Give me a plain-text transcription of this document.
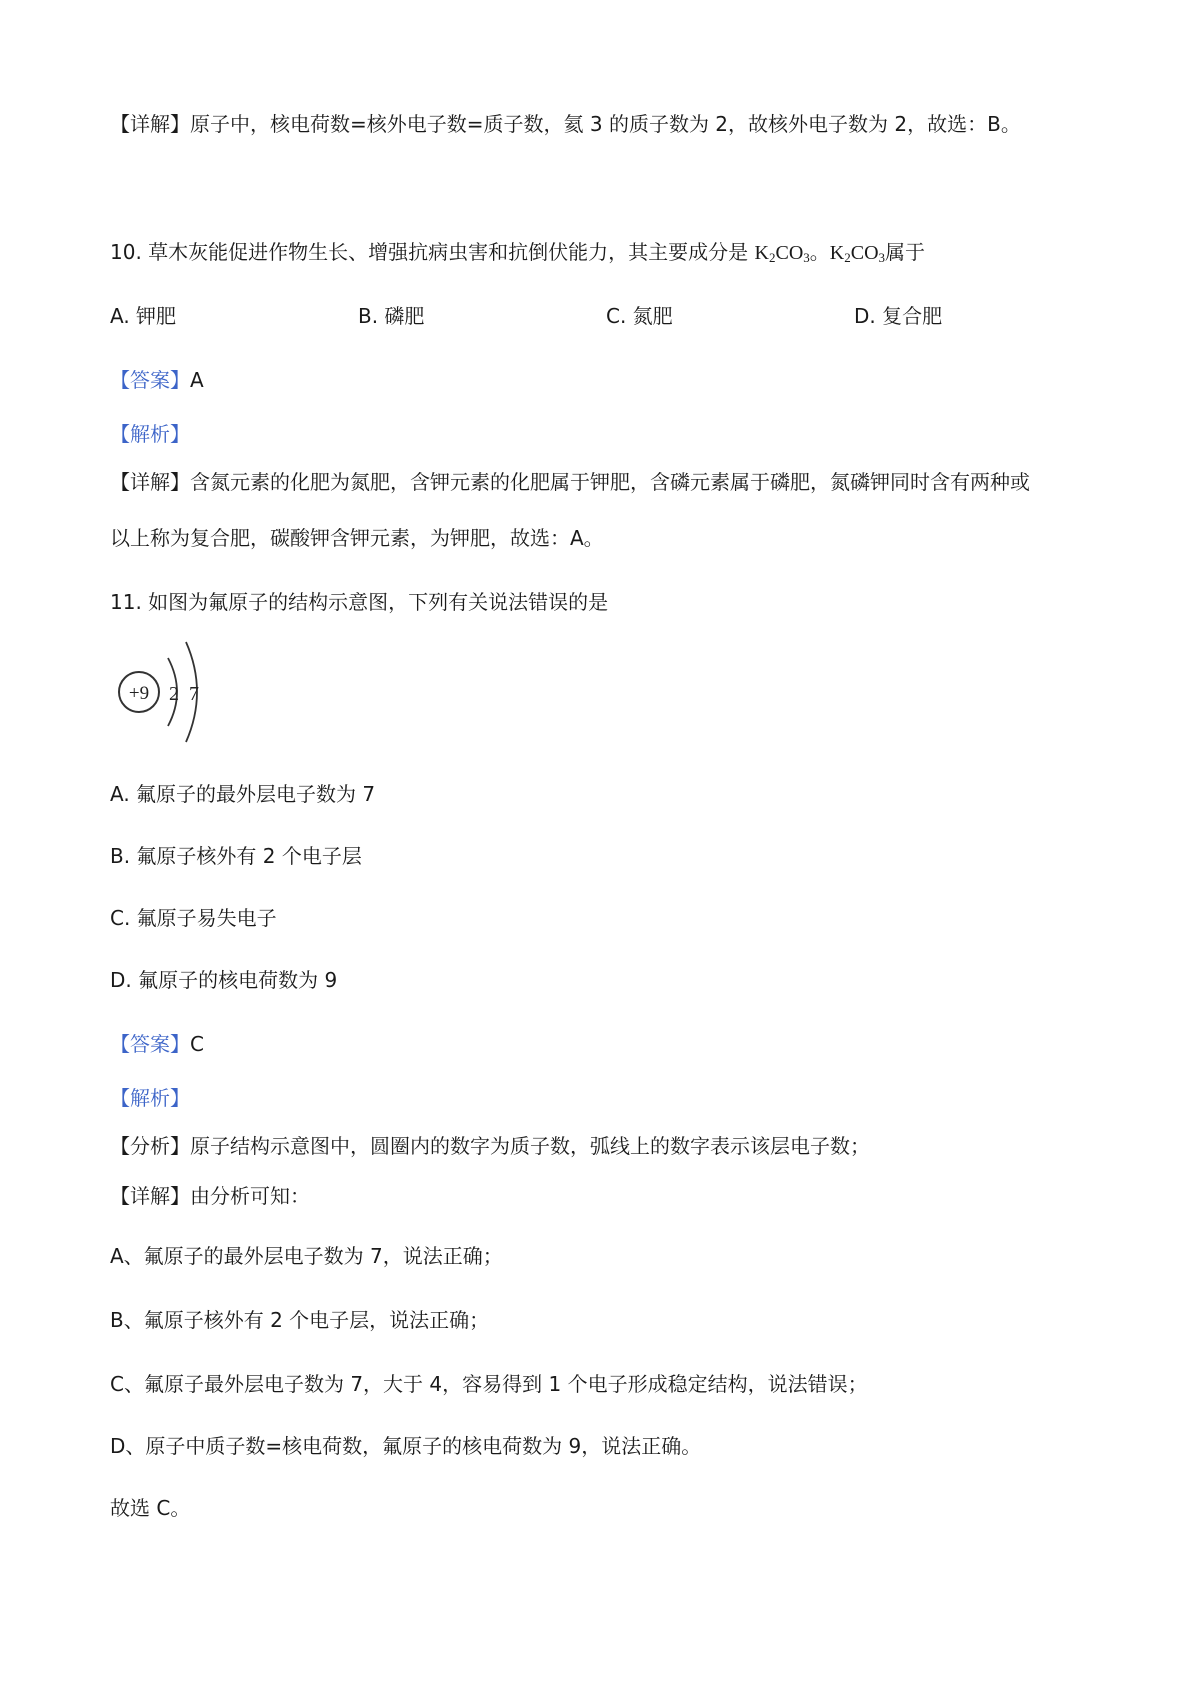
【详解】原子中，核电荷数=核外电子数=质子数，氦 3 的质子数为 2，故核外电子数为 2，故选：B。
10. 草木灰能促进作物生长、增强抗病虫害和抗倒伏能力，其主要成分是 $K_2CO_3$。$K_2CO_3$属于
A. 钾肥	B. 磷肥	C. 氮肥	D. 复合肥
【答案】A
【解析】
【详解】含氮元素的化肥为氮肥，含钾元素的化肥属于钾肥，含磷元素属于磷肥，氮磷钾同时含有两种或
以上称为复合肥，碳酸钾含钾元素，为钾肥，故选：A。
11. 如图为氟原子的结构示意图，下列有关说法错误的是
+9 2 7
A. 氟原子的最外层电子数为 7
B. 氟原子核外有 2 个电子层
C. 氟原子易失电子
D. 氟原子的核电荷数为 9
【答案】C
【解析】
【分析】原子结构示意图中，圆圈内的数字为质子数，弧线上的数字表示该层电子数；
【详解】由分析可知：
A、氟原子的最外层电子数为 7，说法正确；
B、氟原子核外有 2 个电子层，说法正确；
C、氟原子最外层电子数为 7，大于 4，容易得到 1 个电子形成稳定结构，说法错误；
D、原子中质子数=核电荷数，氟原子的核电荷数为 9，说法正确。
故选 C。
